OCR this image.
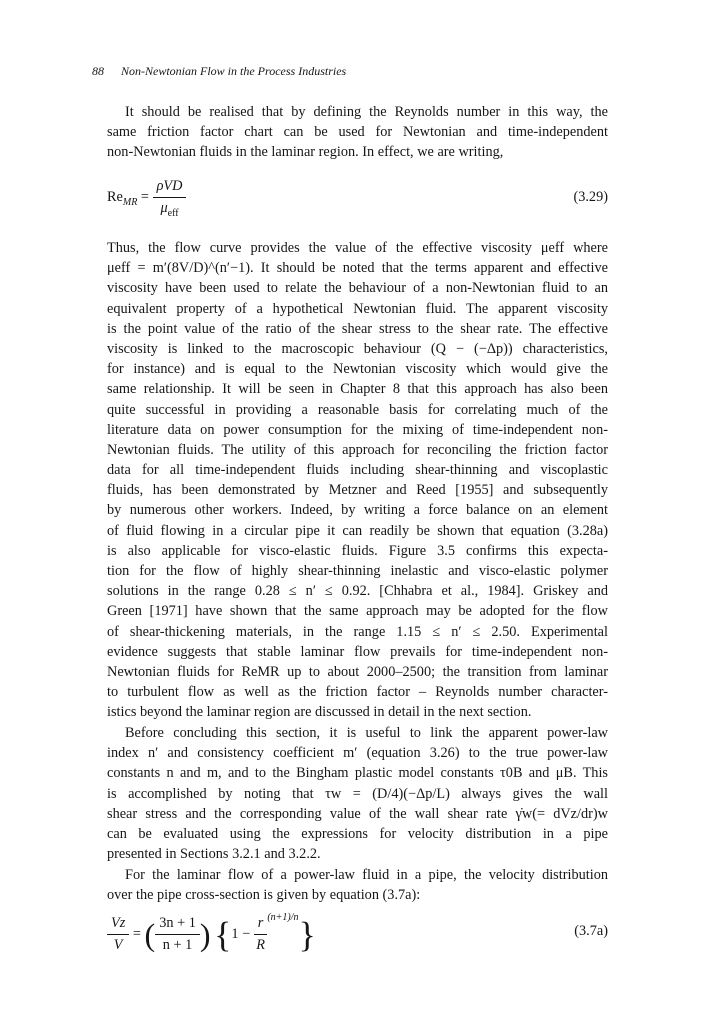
88 Non-Newtonian Flow in the Process Industries
It should be realised that by defining the Reynolds number in this way, the
same friction factor chart can be used for Newtonian and time-independent
non-Newtonian fluids in the laminar region. In effect, we are writing,
$Re_{MR} = \frac{\text{ρVD}}{\mu_{eff}}$	(3.29)
Thus, the flow curve provides the value of the effective viscosity μeff where
μeff = m′(8V/D)^(n′−1). It should be noted that the terms apparent and effective
viscosity have been used to relate the behaviour of a non-Newtonian fluid to an
equivalent property of a hypothetical Newtonian fluid. The apparent viscosity
is the point value of the ratio of the shear stress to the shear rate. The effective
viscosity is linked to the macroscopic behaviour (Q − (−Δp)) characteristics,
for instance) and is equal to the Newtonian viscosity which would give the
same relationship. It will be seen in Chapter 8 that this approach has also been
quite successful in providing a reasonable basis for correlating much of the
literature data on power consumption for the mixing of time-independent non-
Newtonian fluids. The utility of this approach for reconciling the friction factor
data for all time-independent fluids including shear-thinning and viscoplastic
fluids, has been demonstrated by Metzner and Reed [1955] and subsequently
by numerous other workers. Indeed, by writing a force balance on an element
of fluid flowing in a circular pipe it can readily be shown that equation (3.28a)
is also applicable for visco-elastic fluids. Figure 3.5 confirms this expecta-
tion for the flow of highly shear-thinning inelastic and visco-elastic polymer
solutions in the range 0.28 ≤ n′ ≤ 0.92. [Chhabra et al., 1984]. Griskey and
Green [1971] have shown that the same approach may be adopted for the flow
of shear-thickening materials, in the range 1.15 ≤ n′ ≤ 2.50. Experimental
evidence suggests that stable laminar flow prevails for time-independent non-
Newtonian fluids for ReMR up to about 2000–2500; the transition from laminar
to turbulent flow as well as the friction factor – Reynolds number character-
istics beyond the laminar region are discussed in detail in the next section.
Before concluding this section, it is useful to link the apparent power-law
index n′ and consistency coefficient m′ (equation 3.26) to the true power-law
constants n and m, and to the Bingham plastic model constants τ0B and μB. This
is accomplished by noting that τw = (D/4)(−Δp/L) always gives the wall
shear stress and the corresponding value of the wall shear rate γ̇w(= dVz/dr)w
can be evaluated using the expressions for velocity distribution in a pipe
presented in Sections 3.2.1 and 3.2.2.
For the laminar flow of a power-law fluid in a pipe, the velocity distribution
over the pipe cross-section is given by equation (3.7a):
$\frac{Vz}{V}$ = ( $\frac{3n + 1}{n + 1}$ ) $\{1 - \frac{r}{R} ^{(n+1)/n}\}$	(3.7a)
